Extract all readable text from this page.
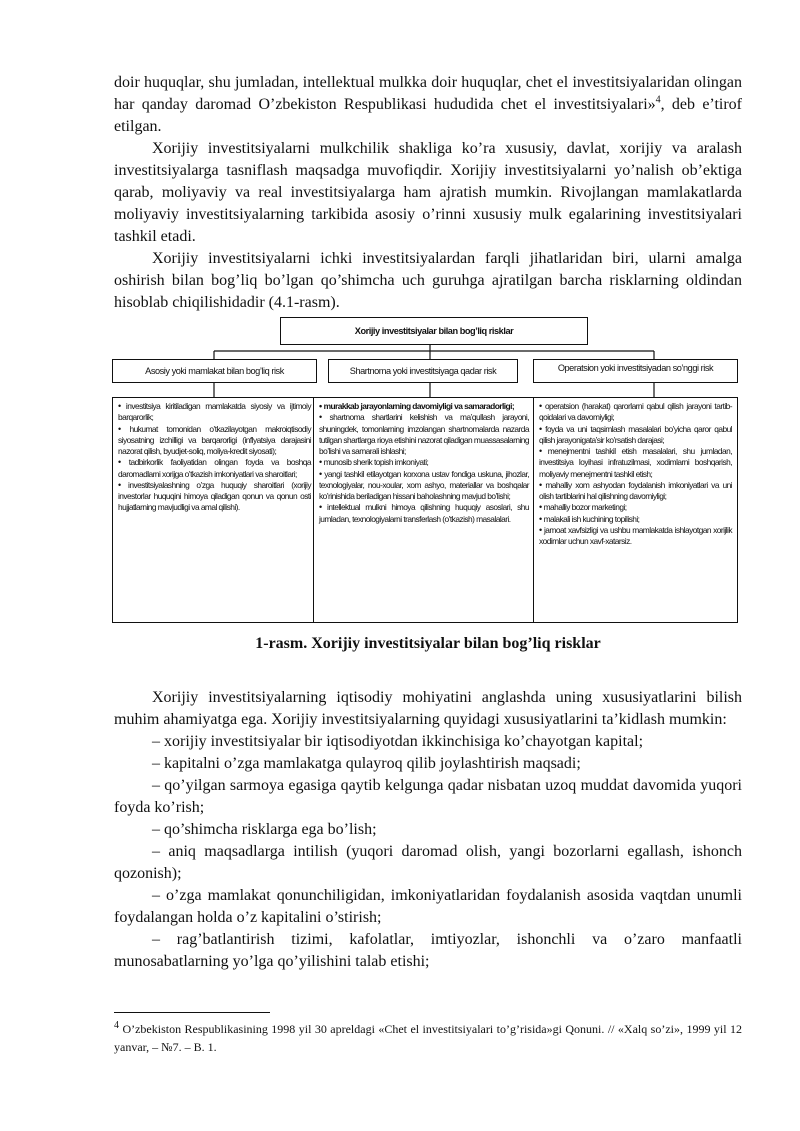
doir huquqlar, shu jumladan, intellektual mulkka doir huquqlar, chet el investitsiyalaridan olingan har qanday daromad O’zbekiston Respublikasi hududida chet el investitsiyalari»$^4$, deb e’tirof etilgan.

Xorijiy investitsiyalarni mulkchilik shakliga ko’ra xususiy, davlat, xorijiy va aralash investitsiyalarga tasniflash maqsadga muvofiqdir. Xorijiy investitsiyalarni yo’nalish ob’ektiga qarab, moliyaviy va real investitsiyalarga ham ajratish mumkin. Rivojlangan mamlakatlarda moliyaviy investitsiyalarning tarkibida asosiy o’rinni xususiy mulk egalarining investitsiyalari tashkil etadi.

Xorijiy investitsiyalarni ichki investitsiyalardan farqli jihatlaridan biri, ularni amalga oshirish bilan bog’liq bo’lgan qo’shimcha uch guruhga ajratilgan barcha risklarning oldindan hisoblab chiqilishidadir (4.1-rasm).

Xorijiy investitsiyalar bilan bog’liq risklar
Asosiy yoki mamlakat bilan bog’liq risk	Shartnoma yoki investitsiyaga qadar risk	Operatsion yoki investitsiyadan so’nggi risk
• investitsiya kiritiladigan mamlakatda siyosiy va ijtimoiy barqarorlik;
• hukumat tomonidan o’tkazilayotgan makroiqtisodiy siyosatning izchilligi va barqarorligi (inflyatsiya darajasini nazorat qilish, byudjet-soliq, moliya-kredit siyosati);
• tadbirkorlik faoliyatidan olingan foyda va boshqa daromadlarni xorijga o’tkazish imkoniyatlari va sharoitlari;
• investitsiyalashning o’zga huquqiy sharoitlari (xorijiy investorlar huquqini himoya qiladigan qonun va qonun osti hujjatlarning mavjudligi va amal qilishi).
• murakkab jarayonlarning davomiyligi va samaradorligi;
• shartnoma shartlarini kelishish va ma’qullash jarayoni, shuningdek, tomonlarning imzolangan shartnomalarda nazarda tutilgan shartlarga rioya etishini nazorat qiladigan muassasalarning bo’lishi va samarali ishlashi;
• munosib sherik topish imkoniyati;
• yangi tashkil etilayotgan korxona ustav fondiga uskuna, jihozlar, texnologiyalar, nou-xoular, xom ashyo, materiallar va boshqalar ko’rinishida beriladigan hissani baholashning mavjud bo’lishi;
• intellektual mulkni himoya qilishning huquqiy asoslari, shu jumladan, texnologiyalarni transferlash (o’tkazish) masalalari.
• operatsion (harakat) qarorlarni qabul qilish jarayoni tartib-qoidalari va davomiyligi;
• foyda va uni taqsimlash masalalari bo’yicha qaror qabul qilish jarayonigata’sir ko’rsatish darajasi;
• menejmentni tashkil etish masalalari, shu jumladan, investitsiya loyihasi infratuzilmasi, xodimlarni boshqarish, moliyaviy menejmentni tashkil etish;
• mahalliy xom ashyodan foydalanish imkoniyatlari va uni olish tartiblarini hal qilishning davomiyligi;
• mahalliy bozor marketingi;
• malakali ish kuchining topilishi;
• jamoat xavfsizligi va ushbu mamlakatda ishlayotgan xorijlik xodimlar uchun xavf-xatarsiz.

1-rasm. Xorijiy investitsiyalar bilan bog’liq risklar

Xorijiy investitsiyalarning iqtisodiy mohiyatini anglashda uning xususiyatlarini bilish muhim ahamiyatga ega. Xorijiy investitsiyalarning quyidagi xususiyatlarini ta’kidlash mumkin:

– xorijiy investitsiyalar bir iqtisodiyotdan ikkinchisiga ko’chayotgan kapital;

– kapitalni o’zga mamlakatga qulayroq qilib joylashtirish maqsadi;

– qo’yilgan sarmoya egasiga qaytib kelgunga qadar nisbatan uzoq muddat davomida yuqori foyda ko’rish;

– qo’shimcha risklarga ega bo’lish;

– aniq maqsadlarga intilish (yuqori daromad olish, yangi bozorlarni egallash, ishonch qozonish);

– o’zga mamlakat qonunchiligidan, imkoniyatlaridan foydalanish asosida vaqtdan unumli foydalangan holda o’z kapitalini o’stirish;

– rag’batlantirish tizimi, kafolatlar, imtiyozlar, ishonchli va o’zaro manfaatli munosabatlarning yo’lga qo’yilishini talab etishi;

$^4$ O’zbekiston Respublikasining 1998 yil 30 apreldagi «Chet el investitsiyalari to’g’risida»gi Qonuni. // «Xalq so’zi», 1999 yil 12 yanvar, – №7. – B. 1.
